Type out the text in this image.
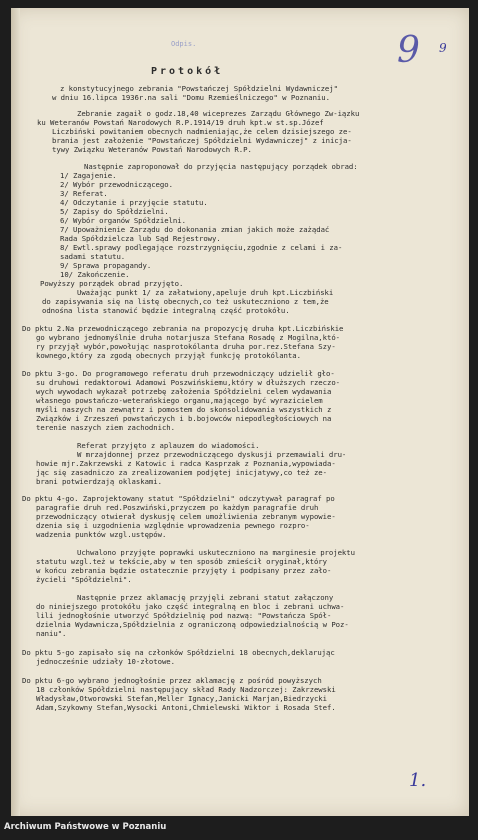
Odpis.	9 9
Protokół
z konstytucyjnego zebrania "Powstańczej Spółdzielni Wydawniczej"
w dniu 16.lipca 1936r.na sali "Domu Rzemieślniczego" w Poznaniu.
Zebranie zagaił o godz.18,40 wiceprezes Zarządu Głównego Zw-iązku
ku Weteranów Powstań Narodowych R.P.1914/19 druh kpt.w st.sp.Józef
Liczbiński powitaniem obecnych nadmieniając,że celem dzisiejszego ze-
brania jest założenie "Powstańczej Spółdzielni Wydawniczej" z inicja-
tywy Związku Weteranów Powstań Narodowych R.P.
Następnie zaproponował do przyjęcia następujący porządek obrad:
1/ Zagajenie.
2/ Wybór przewodniczącego.
3/ Referat.
4/ Odczytanie i przyjęcie statutu.
5/ Zapisy do Spółdzielni.
6/ Wybór organów Spółdzielni.
7/ Upoważnienie Zarządu do dokonania zmian jakich może zażądać
Rada Spółdzielcza lub Sąd Rejestrowy.
8/ Ewtl.sprawy podlegające rozstrzygnięciu,zgodnie z celami i za-
sadami statutu.
9/ Sprawa propagandy.
10/ Zakończenie.
Powyższy porządek obrad przyjęto.
Uważając punkt 1/ za załatwiony,apeluje druh kpt.Liczbiński
do zapisywania się na listę obecnych,co też uskuteczniono z tem,że
odnośna lista stanowić będzie integralną część protokółu.
Do pktu 2.Na przewodniczącego zebrania na propozycję druha kpt.Liczbińskie
go wybrano jednomyślnie druha notarjusza Stefana Rosadę z Mogilna,któ-
ry przyjął wybór,powołując nasprotokólanta druha por.rez.Stefana Szy-
kownego,który za zgodą obecnych przyjął funkcję protokólanta.
Do pktu 3-go. Do programowego referatu druh przewodniczący udzielił gło-
su druhowi redaktorowi Adamowi Poszwińskiemu,który w dłuższych rzeczo-
wych wywodach wykazał potrzebę założenia Spółdzielni celem wydawania
własnego powstańczo-weterańskiego organu,mającego być wyrazicielem
myśli naszych na zewnątrz i pomostem do skonsolidowania wszystkich z
Związków i Zrzeszeń powstańczych i b.bojowców niepodległościowych na
terenie naszych ziem zachodnich.
Referat przyjęto z aplauzem do wiadomości.
W mrzajdonnej przez przewodniczącego dyskusji przemawiali dru-
howie mjr.Zakrzewski z Katowic i radca Kasprzak z Poznania,wypowiada-
jąc się zasadniczo za zrealizowaniem podjętej inicjatywy,co też ze-
brani potwierdzają oklaskami.
Do pktu 4-go. Zaprojektowany statut "Spółdzielni" odczytywał paragraf po
paragrafie druh red.Poszwiński,przyczem po każdym paragrafie druh
przewodniczący otwierał dyskusję celem umożliwienia zebranym wypowie-
dzenia się i uzgodnienia względnie wprowadzenia pewnego rozpro-
wadzenia punktów wzgl.ustępów.
Uchwalono przyjęte poprawki uskuteczniono na marginesie projektu
statutu wzgl.też w tekście,aby w ten sposób zmieścił oryginał,który
w końcu zebrania będzie ostatecznie przyjęty i podpisany przez zało-
życieli "Spółdzielni".
Następnie przez aklamację przyjęli zebrani statut załączony
do niniejszego protokółu jako część integralną en bloc i zebrani uchwa-
lili jednogłośnie utworzyć Spółdzielnię pod nazwą: "Powstańcza Spół-
dzielnia Wydawnicza,Spółdzielnia z ograniczoną odpowiedzialnością w Poz-
naniu".
Do pktu 5-go zapisało się na członków Spółdzielni 18 obecnych,deklarując
jednocześnie udziały 10-złotowe.
Do pktu 6-go wybrano jednogłośnie przez aklamację z pośród powyższych
18 członków Spółdzielni następujący skład Rady Nadzorczej: Zakrzewski
Władysław,Otworowski Stefan,Meller Ignacy,Janicki Marjan,Biedrzycki
Adam,Szykowny Stefan,Wysocki Antoni,Chmielewski Wiktor i Rosada Stef.
1.
Archiwum Państwowe w Poznaniu
